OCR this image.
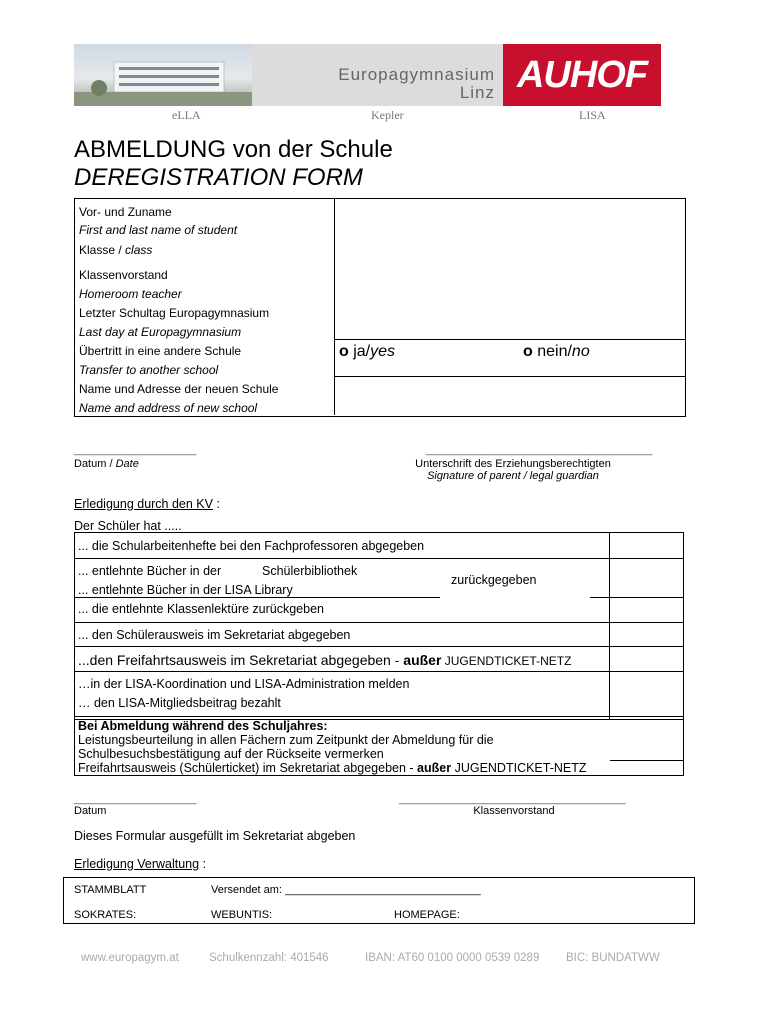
Europagymnasium
Linz AUHOF
eLLA	Kepler	LISA
ABMELDUNG von der Schule
DEREGISTRATION FORM
Vor- und Zuname
First and last name of student
Klasse / class
Klassenvorstand
Homeroom teacher
Letzter Schultag Europagymnasium
Last day at Europagymnasium
Übertritt in eine andere Schule
Transfer to another school
o ja/yes	o nein/no
Name und Adresse der neuen Schule
Name and address of new school
____________________
Datum / Date
_____________________________________
Unterschrift des Erziehungsberechtigten
Signature of parent / legal guardian
Erledigung durch den KV :
Der Schüler hat .....
... die Schularbeitenhefte bei den Fachprofessoren abgegeben
... entlehnte Bücher in der	Schülerbibliothek
zurückgegeben
... entlehnte Bücher in der LISA Library
... die entlehnte Klassenlektüre zurückgeben
... den Schülerausweis im Sekretariat abgegeben
...den Freifahrtsausweis im Sekretariat abgegeben - außer JUGENDTICKET-NETZ
…in der LISA-Koordination und LISA-Administration melden
… den LISA-Mitgliedsbeitrag bezahlt
Bei Abmeldung während des Schuljahres:
Leistungsbeurteilung in allen Fächern zum Zeitpunkt der Abmeldung für die
Schulbesuchsbestätigung auf der Rückseite vermerken
Freifahrtsausweis (Schülerticket) im Sekretariat abgegeben - außer JUGENDTICKET-NETZ
____________________
Datum
_____________________________________
Klassenvorstand
Dieses Formular ausgefüllt im Sekretariat abgeben
Erledigung Verwaltung :
STAMMBLATT	Versendet am: ________________________________
SOKRATES:	WEBUNTIS:	HOMEPAGE:
www.europagym.at	Schulkennzahl: 401546	IBAN: AT60 0100 0000 0539 0289 BIC: BUNDATWW
